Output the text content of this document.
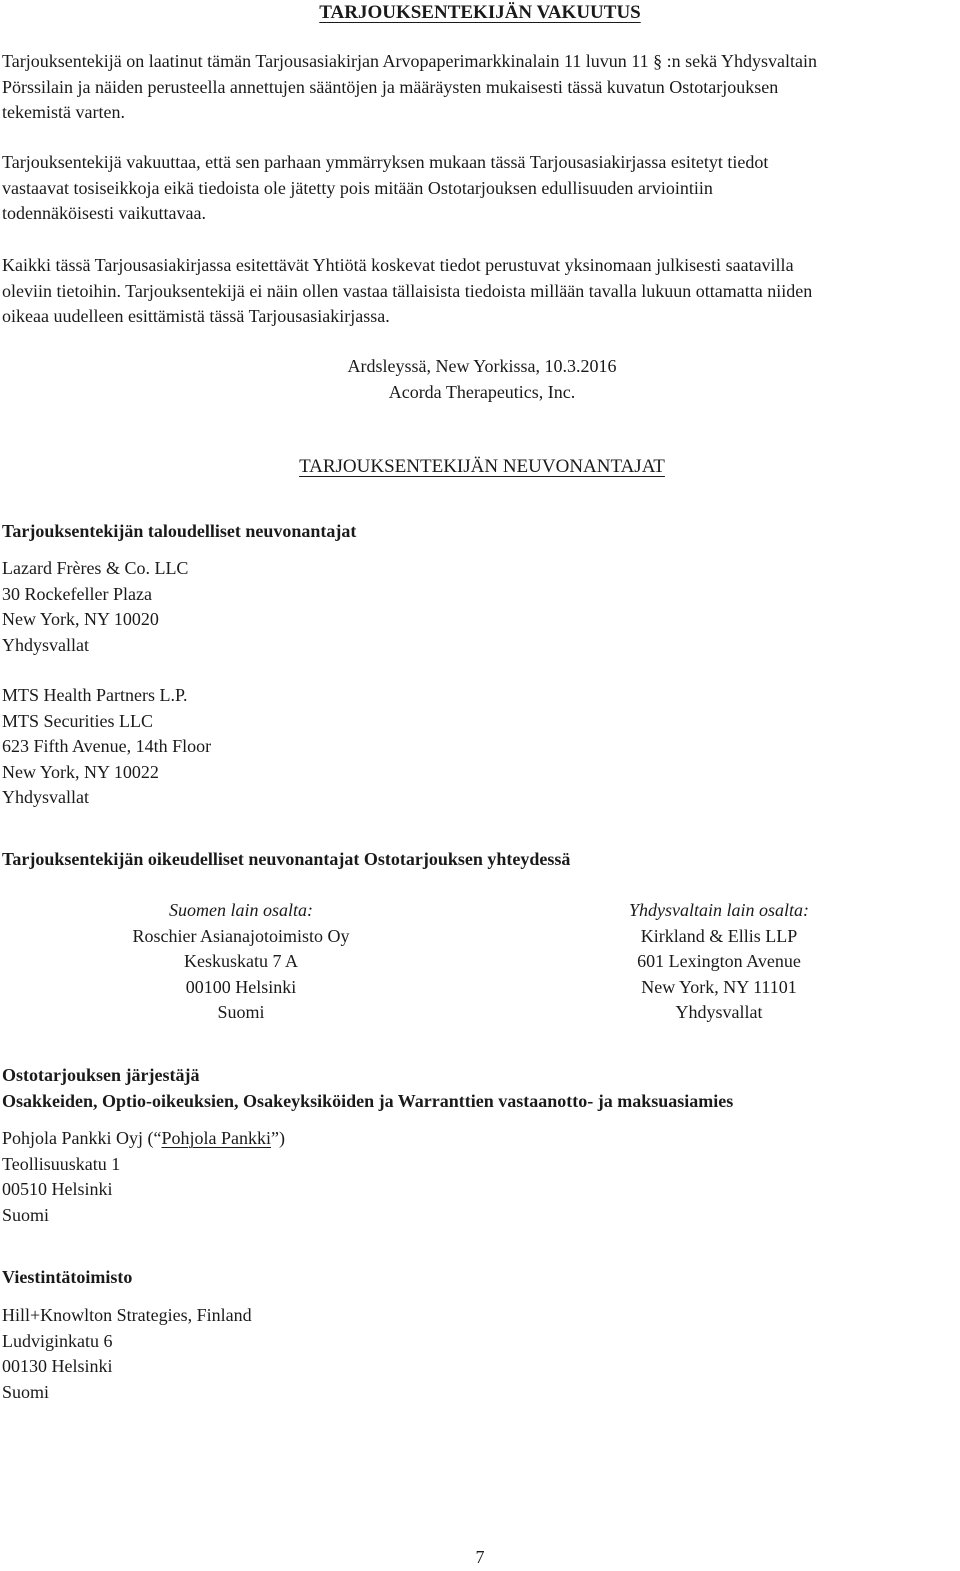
TARJOUKSENTEKIJÄN VAKUUTUS

Tarjouksentekijä on laatinut tämän Tarjousasiakirjan Arvopaperimarkkinalain 11 luvun 11 § :n sekä Yhdysvaltain
Pörssilain ja näiden perusteella annettujen sääntöjen ja määräysten mukaisesti tässä kuvatun Ostotarjouksen
tekemistä varten.

Tarjouksentekijä vakuuttaa, että sen parhaan ymmärryksen mukaan tässä Tarjousasiakirjassa esitetyt tiedot
vastaavat tosiseikkoja eikä tiedoista ole jätetty pois mitään Ostotarjouksen edullisuuden arviointiin
todennäköisesti vaikuttavaa.

Kaikki tässä Tarjousasiakirjassa esitettävät Yhtiötä koskevat tiedot perustuvat yksinomaan julkisesti saatavilla
oleviin tietoihin. Tarjouksentekijä ei näin ollen vastaa tällaisista tiedoista millään tavalla lukuun ottamatta niiden
oikeaa uudelleen esittämistä tässä Tarjousasiakirjassa.

Ardsleyssä, New Yorkissa, 10.3.2016
Acorda Therapeutics, Inc.
TARJOUKSENTEKIJÄN NEUVONANTAJAT

Tarjouksentekijän taloudelliset neuvonantajat

Lazard Frères & Co. LLC
30 Rockefeller Plaza
New York, NY 10020
Yhdysvallat

MTS Health Partners L.P.
MTS Securities LLC
623 Fifth Avenue, 14th Floor
New York, NY 10022
Yhdysvallat

Tarjouksentekijän oikeudelliset neuvonantajat Ostotarjouksen yhteydessä

Suomen lain osalta:
Roschier Asianajotoimisto Oy
Keskuskatu 7 A
00100 Helsinki
Suomi
Yhdysvaltain lain osalta:
Kirkland & Ellis LLP
601 Lexington Avenue
New York, NY 11101
Yhdysvallat

Ostotarjouksen järjestäjä
Osakkeiden, Optio-oikeuksien, Osakeyksiköiden ja Warranttien vastaanotto- ja maksuasiamies

Pohjola Pankki Oyj (“Pohjola Pankki”)
Teollisuuskatu 1
00510 Helsinki
Suomi

Viestintätoimisto

Hill+Knowlton Strategies, Finland
Ludviginkatu 6
00130 Helsinki
Suomi

7
